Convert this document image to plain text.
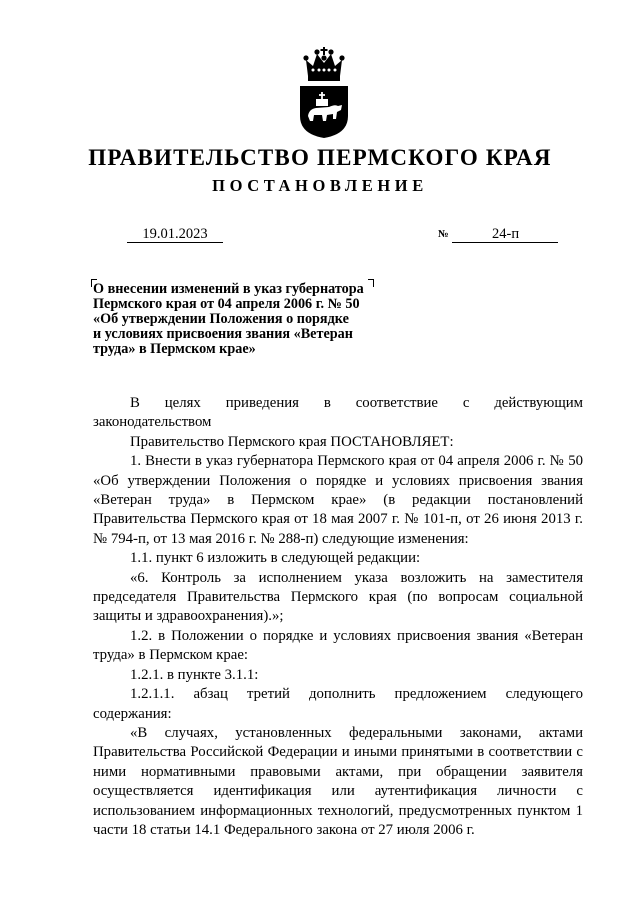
ПРАВИТЕЛЬСТВО ПЕРМСКОГО КРАЯ
ПОСТАНОВЛЕНИЕ
19.01.2023	№	24-п
О внесении изменений в указ губернатора
Пермского края от 04 апреля 2006 г. № 50
«Об утверждении Положения о порядке
и условиях присвоения звания «Ветеран
труда» в Пермском крае»

В целях приведения в соответствие с действующим

законодательством

Правительство Пермского края ПОСТАНОВЛЯЕТ:

1. Внести в указ губернатора Пермского края от 04 апреля 2006 г. № 50 «Об утверждении Положения о порядке и условиях присвоения звания «Ветеран труда» в Пермском крае» (в редакции постановлений Правительства Пермского края от 18 мая 2007 г. № 101-п, от 26 июня 2013 г. № 794-п, от 13 мая 2016 г. № 288-п) следующие изменения:

1.1. пункт 6 изложить в следующей редакции:

«6. Контроль за исполнением указа возложить на заместителя председателя Правительства Пермского края (по вопросам социальной защиты и здравоохранения).»;

1.2. в Положении о порядке и условиях присвоения звания «Ветеран труда» в Пермском крае:

1.2.1. в пункте 3.1.1:

1.2.1.1. абзац третий дополнить предложением следующего содержания:

«В случаях, установленных федеральными законами, актами Правительства Российской Федерации и иными принятыми в соответствии с ними нормативными правовыми актами, при обращении заявителя осуществляется идентификация или аутентификация личности с использованием информационных технологий, предусмотренных пунктом 1 части 18 статьи 14.1 Федерального закона от 27 июля 2006 г.
